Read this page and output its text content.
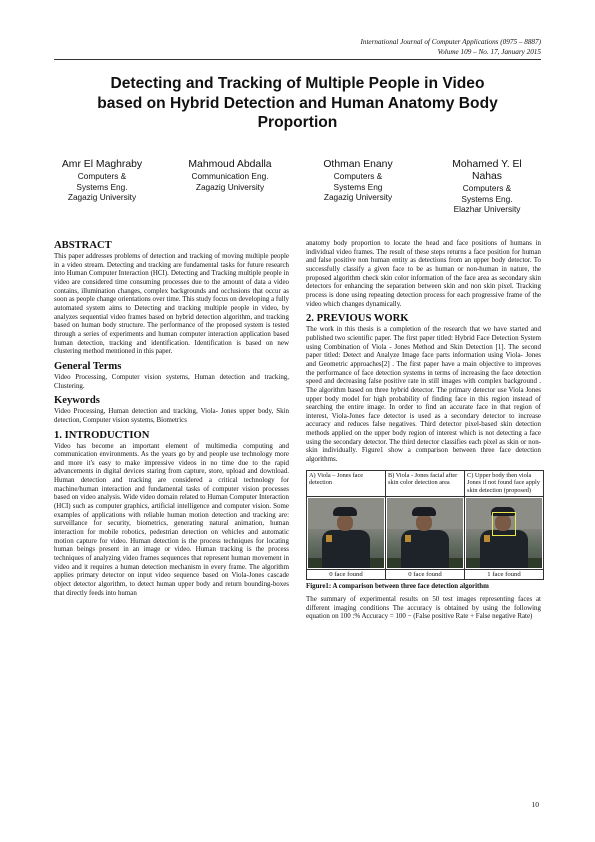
International Journal of Computer Applications (0975 – 8887)
Volume 109 – No. 17, January 2015
Detecting and Tracking of Multiple People in Video
based on Hybrid Detection and Human Anatomy Body
Proportion
Amr El Maghraby
Computers &
Systems Eng.
Zagazig University
Mahmoud Abdalla
Communication Eng.
Zagazig University
Othman Enany
Computers &
Systems Eng
Zagazig University
Mohamed Y. El
Nahas
Computers &
Systems Eng.
Elazhar University
ABSTRACT

This paper addresses problems of detection and tracking of moving multiple people in a video stream. Detecting and tracking are fundamental tasks for future research into Human Computer Interaction (HCI). Detecting and Tracking multiple people in video are considered time consuming processes due to the amount of data a video contains, illumination changes, complex backgrounds and occlusions that occur as soon as people change orientations over time. This study focus on developing a fully automated system aims to Detecting and tracking multiple people in video, by analyzes sequential video frames based on hybrid detection algorithm, and tracking based on human body structure. The performance of the proposed system is tested through a series of experiments and human computer interaction application based human detection, tracking and identification. Identification is based on new clustering method mentioned in this paper.

General Terms

Video Processing, Computer vision systems, Human detection and tracking, Clustering.

Keywords

Video Processing, Human detection and tracking, Viola- Jones upper body, Skin detection, Computer vision systems, Biometrics

1. INTRODUCTION

Video has become an important element of multimedia computing and communication environments. As the years go by and people use technology more and more it's easy to make impressive videos in no time due to the rapid advancements in digital devices staring from capture, store, upload and download. Human detection and tracking are considered a critical technology for machine/human interaction and fundamental tasks of computer vision processes based on video analysis. Wide video domain related to Human Computer Interaction (HCI) such as computer graphics, artificial intelligence and computer vision. Some examples of applications with reliable human motion detection and tracking are: surveillance for security, biometrics, generating natural animation, human interaction for mobile robotics, pedestrian detection on vehicles and automatic motion capture for video. Human detection is the process techniques for locating human beings present in an image or video. Human tracking is the process techniques of analyzing video frames sequences that represent human movement in video and it requires a human detection mechanism in every frame. The algorithm applies primary detector on input video sequence based on Viola-Jones cascade object detector algorithm, to detect human upper body and return bounding-boxes that directly feeds into human

anatomy body proportion to locate the head and face positions of humans in individual video frames. The result of these steps returns a face position for human and false positive non human entity as detections from an upper body detector. To successfully classify a given face to be as human or non-human in nature, the proposed algorithm check skin color information of the face area as secondary skin detectors for enhancing the separation between skin and non skin pixel. Tracking process is done using repeating detection process for each progressive frame of the video which changes dynamically.

2. PREVIOUS WORK

The work in this thesis is a completion of the research that we have started and published two scientific paper. The first paper titled: Hybrid Face Detection System using Combination of Viola - Jones Method and Skin Detection [1]. The second paper titled: Detect and Analyze Image face parts information using Viola- Jones and Geometric approaches[2] . The first paper have a main objective to improves the performance of face detection systems in terms of increasing the face detection speed and decreasing false positive rate in still images with complex background . The algorithm based on three hybrid detector. The primary detector use Viola Jones upper body model for high probability of finding face in this region instead of searching the entire image. In order to find an accurate face in that region of interest, Viola-Jones face detector is used as a secondary detector to increase accuracy and reduces false negatives. Third detector pixel-based skin detection methods applied on the upper body region of interest which is not detecting a face using the secondary detector. The third detector classifies each pixel as skin or non-skin individually. Figure1 show a comparison between three face detection algorithms.

A) Viola – Jones face detection	B) Viola - Jones facial after skin color detection area	C) Upper body then viola Jones if not found face apply skin detection (proposed)

0 face found	0 face found	1 face found
Figure1: A comparison between three face detection algorithm

The summary of experimental results on 50 test images representing faces at different imaging conditions The accuracy is obtained by using the following equation on 100 :% Accuracy = 100 − (False positive Rate + False negative Rate)

10
